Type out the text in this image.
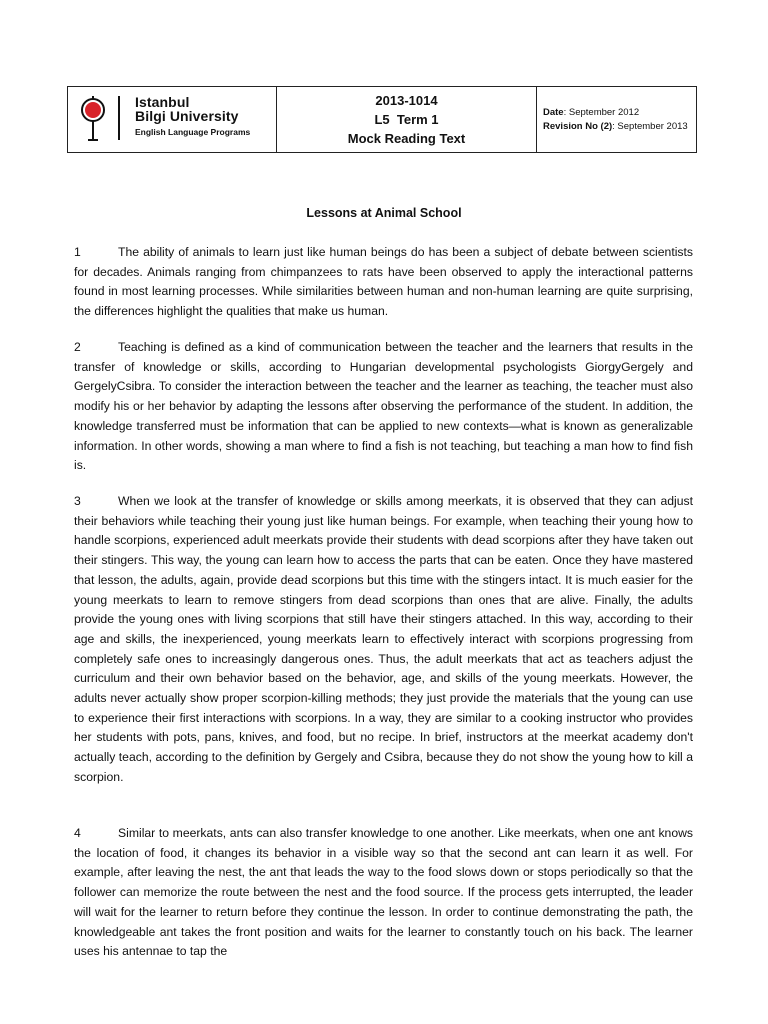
Istanbul
Bilgi University
English Language Programs
2013-1014
L5  Term 1
Mock Reading Text
Date: September 2012
Revision No (2): September 2013
Lessons at Animal School

1	The ability of animals to learn just like human beings do has been a subject of debate between scientists for decades. Animals ranging from chimpanzees to rats have been observed to apply the interactional patterns found in most learning processes. While similarities between human and non-human learning are quite surprising, the differences highlight the qualities that make us human.

2	Teaching is defined as a kind of communication between the teacher and the learners that results in the transfer of knowledge or skills, according to Hungarian developmental psychologists GiorgyGergely and GergelyCsibra. To consider the interaction between the teacher and the learner as teaching, the teacher must also modify his or her behavior by adapting the lessons after observing the performance of the student. In addition, the knowledge transferred must be information that can be applied to new contexts—what is known as generalizable information. In other words, showing a man where to find a fish is not teaching, but teaching a man how to find fish is.

3	When we look at the transfer of knowledge or skills among meerkats, it is observed that they can adjust their behaviors while teaching their young just like human beings. For example, when teaching their young how to handle scorpions, experienced adult meerkats provide their students with dead scorpions after they have taken out their stingers. This way, the young can learn how to access the parts that can be eaten. Once they have mastered that lesson, the adults, again, provide dead scorpions but this time with the stingers intact. It is much easier for the young meerkats to learn to remove stingers from dead scorpions than ones that are alive. Finally, the adults provide the young ones with living scorpions that still have their stingers attached. In this way, according to their age and skills, the inexperienced, young meerkats learn to effectively interact with scorpions progressing from completely safe ones to increasingly dangerous ones. Thus, the adult meerkats that act as teachers adjust the curriculum and their own behavior based on the behavior, age, and skills of the young meerkats. However, the adults never actually show proper scorpion-killing methods; they just provide the materials that the young can use to experience their first interactions with scorpions. In a way, they are similar to a cooking instructor who provides her students with pots, pans, knives, and food, but no recipe. In brief, instructors at the meerkat academy don't actually teach, according to the definition by Gergely and Csibra, because they do not show the young how to kill a scorpion.

4	Similar to meerkats, ants can also transfer knowledge to one another. Like meerkats, when one ant knows the location of food, it changes its behavior in a visible way so that the second ant can learn it as well. For example, after leaving the nest, the ant that leads the way to the food slows down or stops periodically so that the follower can memorize the route between the nest and the food source. If the process gets interrupted, the leader will wait for the learner to return before they continue the lesson. In order to continue demonstrating the path, the knowledgeable ant takes the front position and waits for the learner to constantly touch on his back. The learner uses his antennae to tap the
